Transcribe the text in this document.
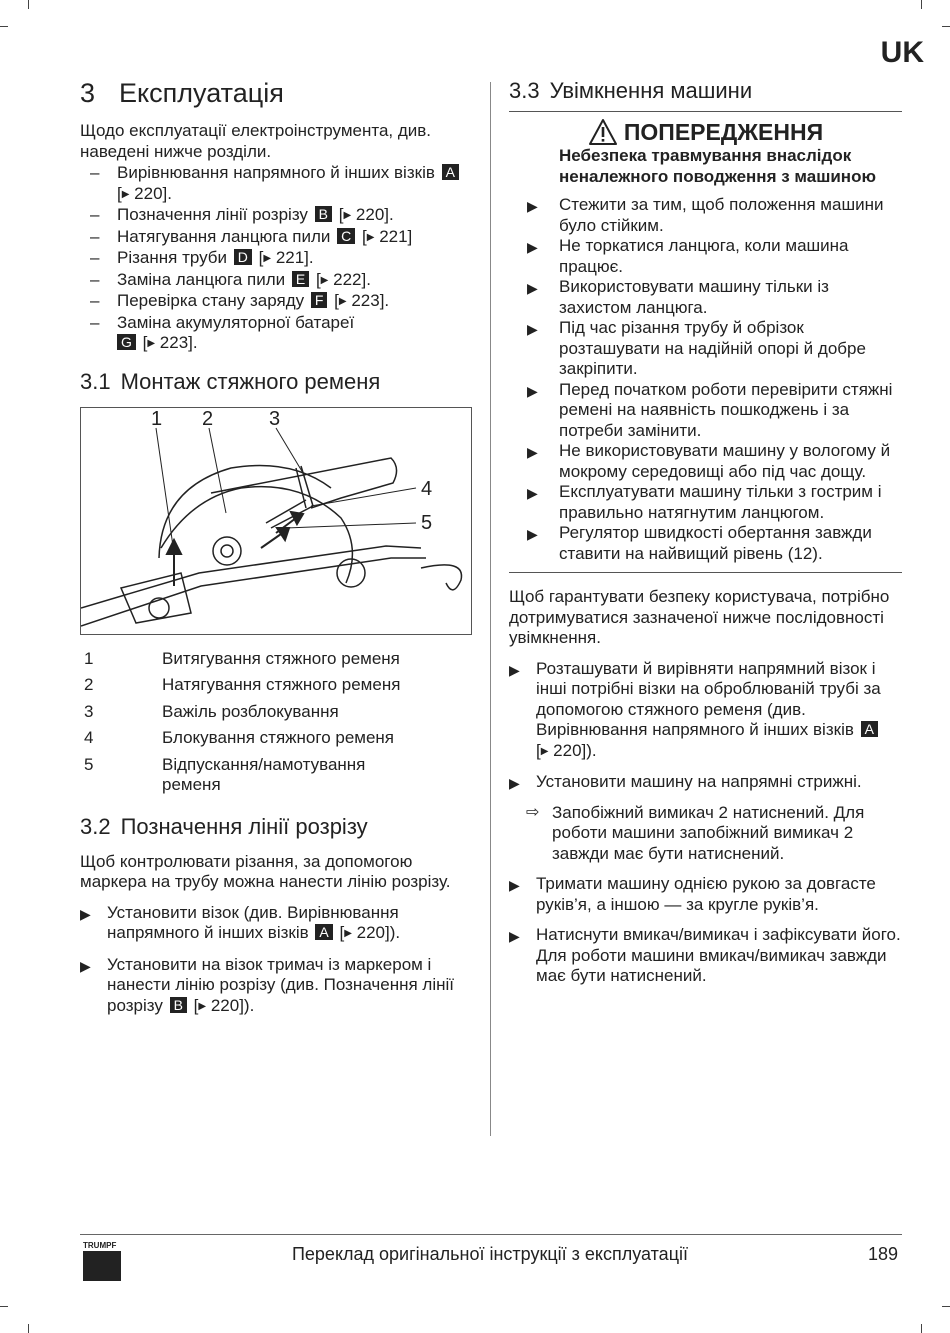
UK
3 Експлуатація

Щодо експлуатації електроінструмента, див. наведені нижче розділи.

– Вирівнювання напрямного й інших візків A [▶ 220].
– Позначення лінії розрізу B [▶ 220].
– Натягування ланцюга пили C [▶ 221]
– Різання труби D [▶ 221].
– Заміна ланцюга пили E [▶ 222].
– Перевірка стану заряду F [▶ 223].
– Заміна акумуляторної батареї
G [▶ 223].
3.1 Монтаж стяжного ременя
1 2	3
4
5
1	Витягування стяжного ременя
2	Натягування стяжного ременя
3	Важіль розблокування
4	Блокування стяжного ременя
5	Відпускання/намотування ременя
3.2 Позначення лінії розрізу

Щоб контролювати різання, за допомогою маркера на трубу можна нанести лінію розрізу.

▶ Установити візок (див. Вирівнювання напрямного й інших візків A [▶ 220]).
▶ Установити на візок тримач із маркером і нанести лінію розрізу (див. Позначення лінії розрізу B [▶ 220]).
3.3 Увімкнення машини
ПОПЕРЕДЖЕННЯ
Небезпека травмування внаслідок неналежного поводження з машиною
▶ Стежити за тим, щоб положення машини було стійким.
▶ Не торкатися ланцюга, коли машина працює.
▶ Використовувати машину тільки із захистом ланцюга.
▶ Під час різання трубу й обрізок розташувати на надійній опорі й добре закріпити.
▶ Перед початком роботи перевірити стяжні ремені на наявність пошкоджень і за потреби замінити.
▶ Не використовувати машину у вологому й мокрому середовищі або під час дощу.
▶ Експлуатувати машину тільки з гострим і правильно натягнутим ланцюгом.
▶ Регулятор швидкості обертання завжди ставити на найвищий рівень (12).

Щоб гарантувати безпеку користувача, потрібно дотримуватися зазначеної нижче послідовності увімкнення.

▶ Розташувати й вирівняти напрямний візок і інші потрібні візки на оброблюваній трубі за допомогою стяжного ременя (див. Вирівнювання напрямного й інших візків A [▶ 220]).
▶ Установити машину на напрямні стрижні.
⇨ Запобіжний вимикач 2 натиснений. Для роботи машини запобіжний вимикач 2 завжди має бути натиснений.
▶ Тримати машину однією рукою за довгасте руків’я, а іншою — за кругле руків’я.
▶ Натиснути вмикач/вимикач і зафіксувати його. Для роботи машини вмикач/вимикач завжди має бути натиснений.
TRUMPF	Переклад оригінальної інструкції з експлуатації	189
